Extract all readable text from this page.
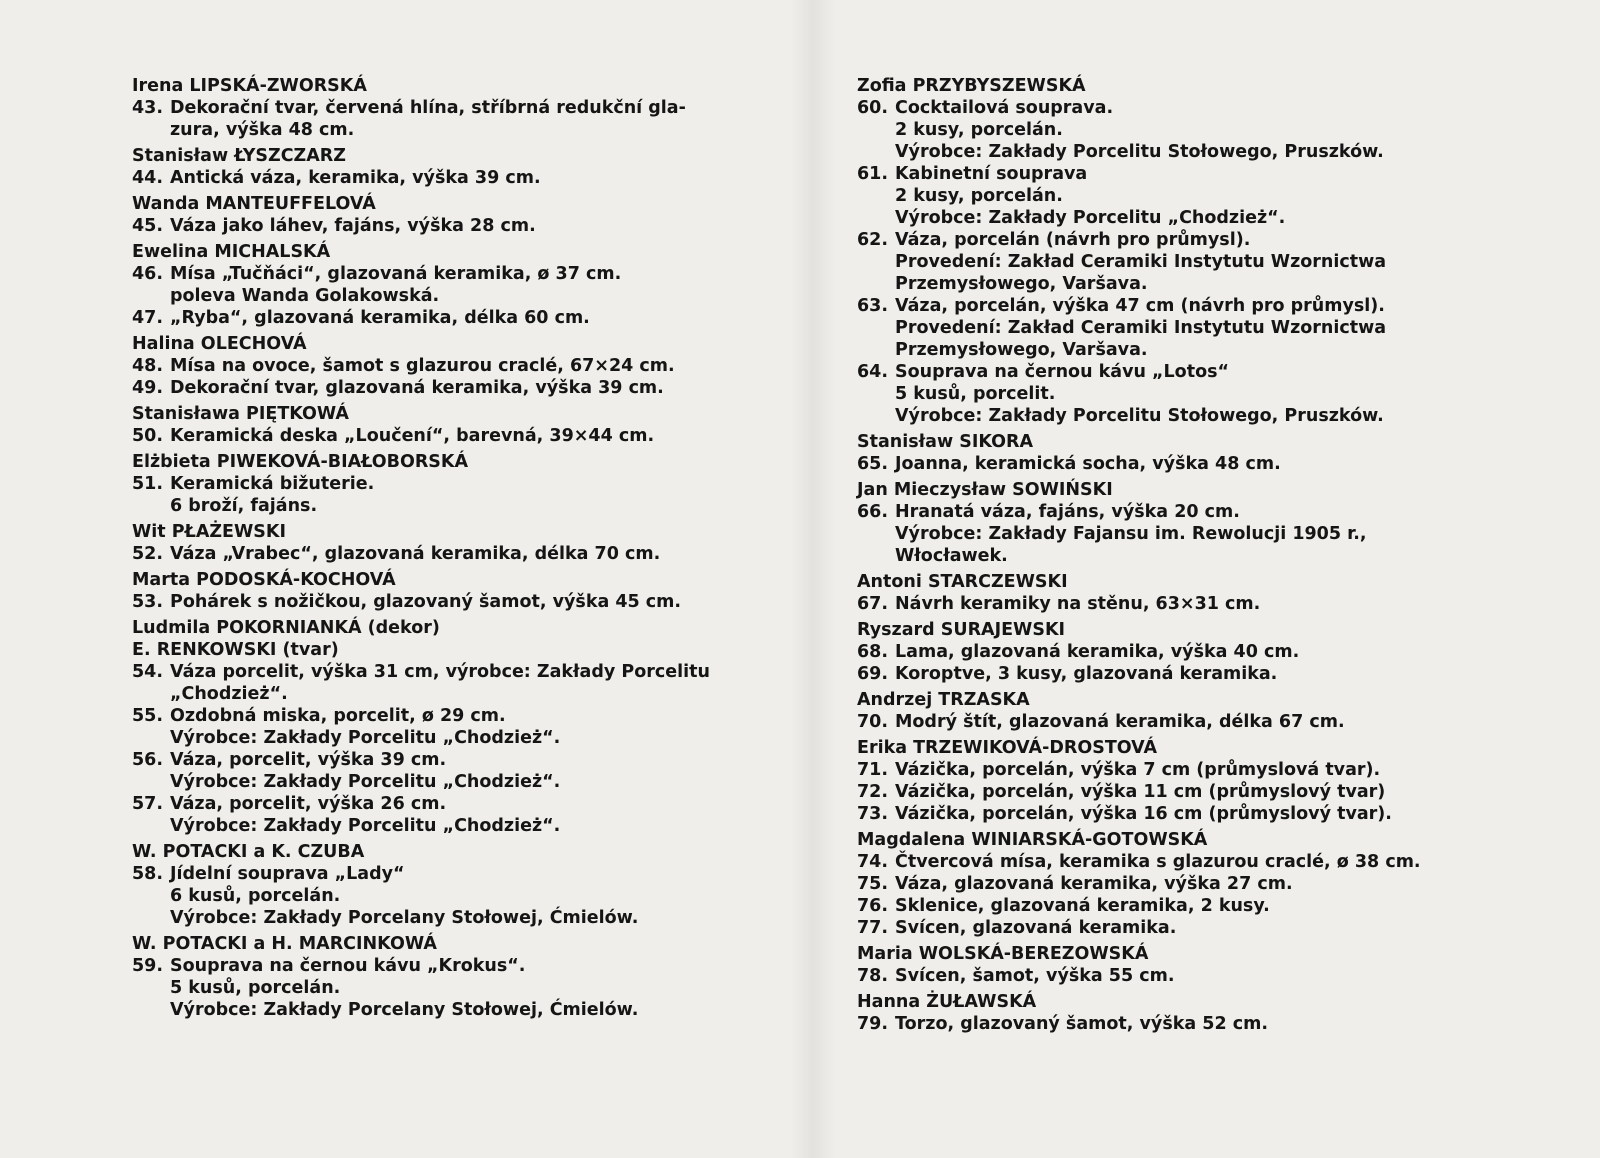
Irena LIPSKÁ-ZWORSKÁ
43. Dekorační tvar, červená hlína, stříbrná redukční gla-
zura, výška 48 cm.
Stanisław ŁYSZCZARZ
44. Antická váza, keramika, výška 39 cm.
Wanda MANTEUFFELOVÁ
45. Váza jako láhev, fajáns, výška 28 cm.
Ewelina MICHALSKÁ
46. Mísa „Tučňáci“, glazovaná keramika, ø 37 cm.
poleva Wanda Golakowská.
47. „Ryba“, glazovaná keramika, délka 60 cm.
Halina OLECHOVÁ
48. Mísa na ovoce, šamot s glazurou craclé, 67×24 cm.
49. Dekorační tvar, glazovaná keramika, výška 39 cm.
Stanisława PIĘTKOWÁ
50. Keramická deska „Loučení“, barevná, 39×44 cm.
Elżbieta PIWEKOVÁ-BIAŁOBORSKÁ
51. Keramická bižuterie.
6 broží, fajáns.
Wit PŁAŻEWSKI
52. Váza „Vrabec“, glazovaná keramika, délka 70 cm.
Marta PODOSKÁ-KOCHOVÁ
53. Pohárek s nožičkou, glazovaný šamot, výška 45 cm.
Ludmila POKORNIANKÁ (dekor)
E. RENKOWSKI (tvar)
54. Váza porcelit, výška 31 cm, výrobce: Zakłady Porcelitu
„Chodzież“.
55. Ozdobná miska, porcelit, ø 29 cm.
Výrobce: Zakłady Porcelitu „Chodzież“.
56. Váza, porcelit, výška 39 cm.
Výrobce: Zakłady Porcelitu „Chodzież“.
57. Váza, porcelit, výška 26 cm.
Výrobce: Zakłady Porcelitu „Chodzież“.
W. POTACKI a K. CZUBA
58. Jídelní souprava „Lady“
6 kusů, porcelán.
Výrobce: Zakłady Porcelany Stołowej, Ćmielów.
W. POTACKI a H. MARCINKOWÁ
59. Souprava na černou kávu „Krokus“.
5 kusů, porcelán.
Výrobce: Zakłady Porcelany Stołowej, Ćmielów.
Zofia PRZYBYSZEWSKÁ
60. Cocktailová souprava.
2 kusy, porcelán.
Výrobce: Zakłady Porcelitu Stołowego, Pruszków.
61. Kabinetní souprava
2 kusy, porcelán.
Výrobce: Zakłady Porcelitu „Chodzież“.
62. Váza, porcelán (návrh pro průmysl).
Provedení: Zakład Ceramiki Instytutu Wzornictwa
Przemysłowego, Varšava.
63. Váza, porcelán, výška 47 cm (návrh pro průmysl).
Provedení: Zakład Ceramiki Instytutu Wzornictwa
Przemysłowego, Varšava.
64. Souprava na černou kávu „Lotos“
5 kusů, porcelit.
Výrobce: Zakłady Porcelitu Stołowego, Pruszków.
Stanisław SIKORA
65. Joanna, keramická socha, výška 48 cm.
Jan Mieczysław SOWIŃSKI
66. Hranatá váza, fajáns, výška 20 cm.
Výrobce: Zakłady Fajansu im. Rewolucji 1905 r.,
Włocławek.
Antoni STARCZEWSKI
67. Návrh keramiky na stěnu, 63×31 cm.
Ryszard SURAJEWSKI
68. Lama, glazovaná keramika, výška 40 cm.
69. Koroptve, 3 kusy, glazovaná keramika.
Andrzej TRZASKA
70. Modrý štít, glazovaná keramika, délka 67 cm.
Erika TRZEWIKOVÁ-DROSTOVÁ
71. Vázička, porcelán, výška 7 cm (průmyslová tvar).
72. Vázička, porcelán, výška 11 cm (průmyslový tvar)
73. Vázička, porcelán, výška 16 cm (průmyslový tvar).
Magdalena WINIARSKÁ-GOTOWSKÁ
74. Čtvercová mísa, keramika s glazurou craclé, ø 38 cm.
75. Váza, glazovaná keramika, výška 27 cm.
76. Sklenice, glazovaná keramika, 2 kusy.
77. Svícen, glazovaná keramika.
Maria WOLSKÁ-BEREZOWSKÁ
78. Svícen, šamot, výška 55 cm.
Hanna ŻUŁAWSKÁ
79. Torzo, glazovaný šamot, výška 52 cm.
